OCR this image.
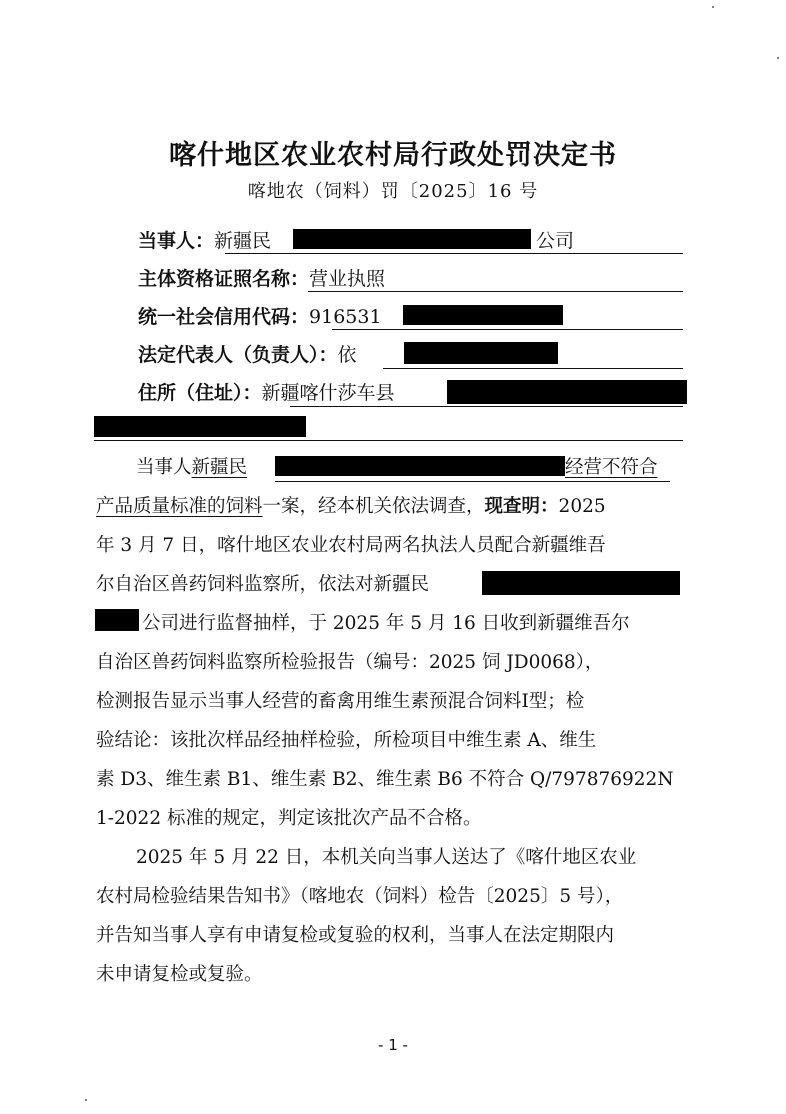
喀什地区农业农村局行政处罚决定书
喀地农（饲料）罚〔2025〕16 号
当事人：新疆民	公司
主体资格证照名称：营业执照
统一社会信用代码：916531
法定代表人（负责人）：依
住所（住址）：新疆喀什莎车县
当事人新疆民	经营不符合
产品质量标准的饲料一案，经本机关依法调查，现查明：2025
年 3 月 7 日，喀什地区农业农村局两名执法人员配合新疆维吾
尔自治区兽药饲料监察所，依法对新疆民
公司进行监督抽样，于 2025 年 5 月 16 日收到新疆维吾尔
自治区兽药饲料监察所检验报告（编号：2025 饲 JD0068），
检测报告显示当事人经营的畜禽用维生素预混合饲料Ⅰ型；检
验结论：该批次样品经抽样检验，所检项目中维生素 A、维生
素 D3、维生素 B1、维生素 B2、维生素 B6 不符合 Q/797876922N
1-2022 标准的规定，判定该批次产品不合格。
2025 年 5 月 22 日，本机关向当事人送达了《喀什地区农业
农村局检验结果告知书》（喀地农（饲料）检告〔2025〕5 号），
并告知当事人享有申请复检或复验的权利，当事人在法定期限内
未申请复检或复验。
- 1 -
